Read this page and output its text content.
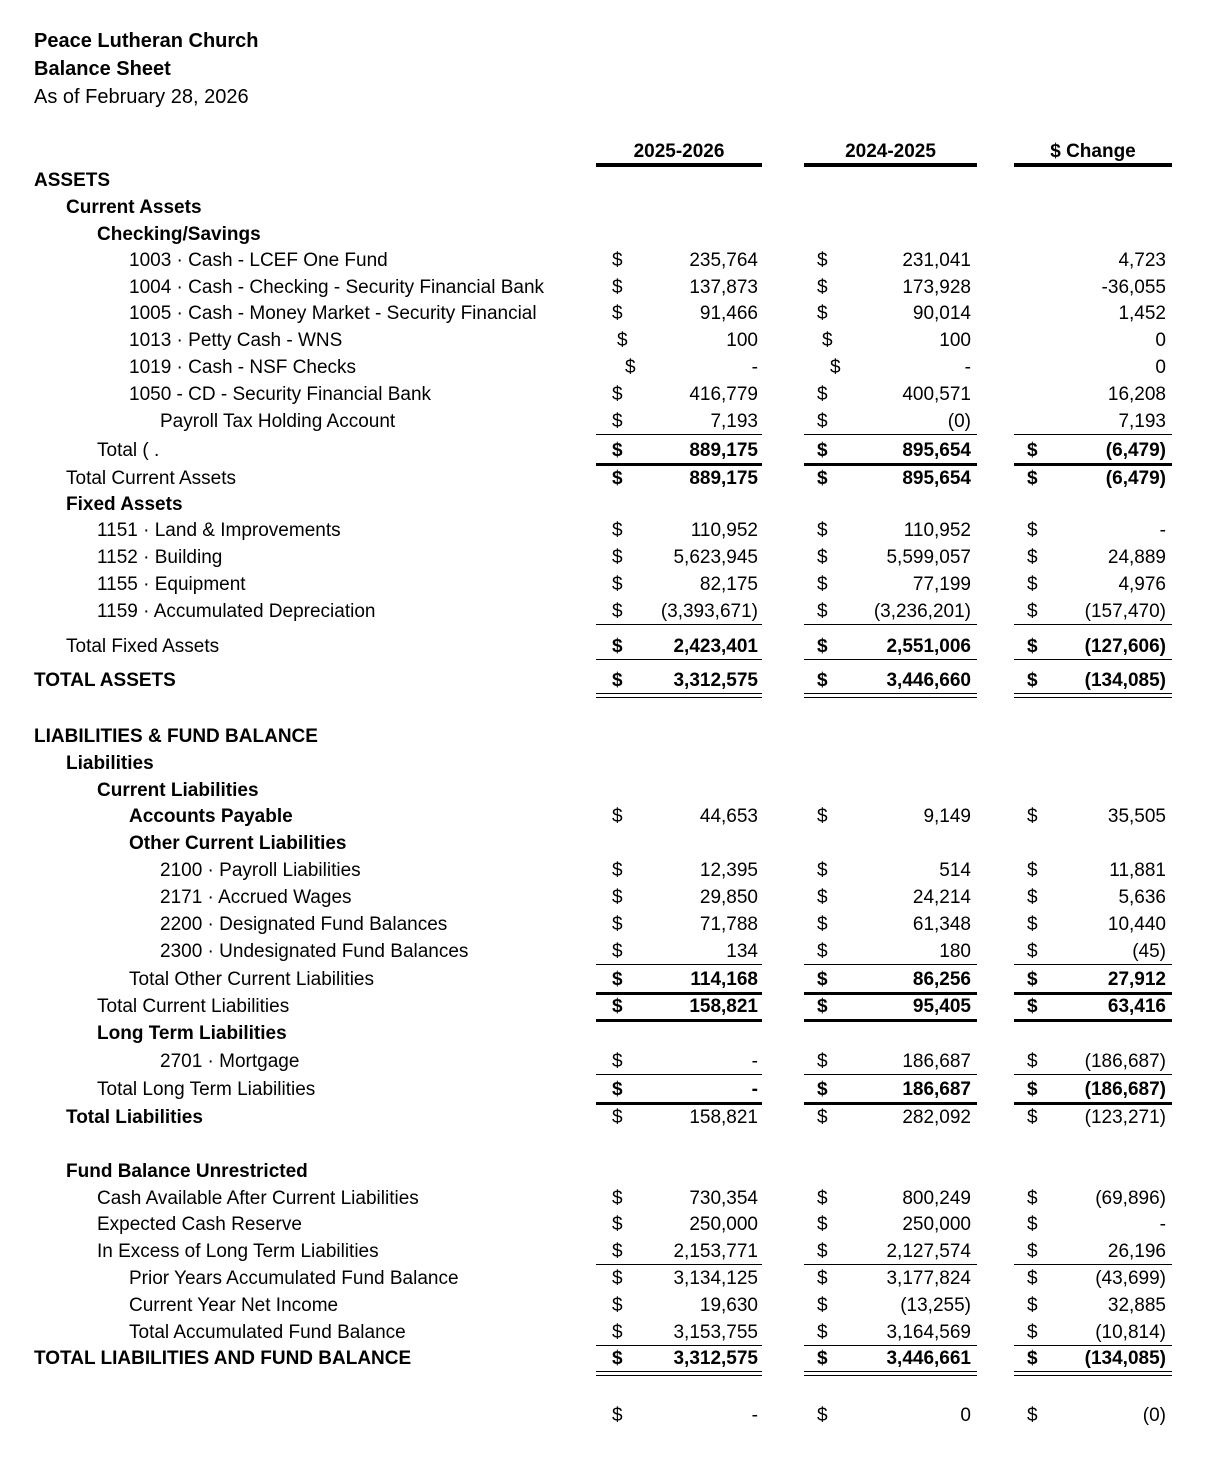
Peace Lutheran Church
Balance Sheet
As of February 28, 2026
2025-2026	2024-2025	$ Change
ASSETS
Current Assets
Checking/Savings
1003 · Cash - LCEF One Fund	$	235,764	$	231,041	4,723
1004 · Cash - Checking - Security Financial Bank	$	137,873	$	173,928	-36,055
1005 · Cash - Money Market - Security Financial	$	91,466	$	90,014	1,452
1013 · Petty Cash - WNS	$	100	$	100	0
1019 · Cash - NSF Checks	$	-	$	-	0
1050 - CD - Security Financial Bank	$	416,779	$	400,571	16,208
Payroll Tax Holding Account	$	7,193	$	(0)	7,193
Total ( .	$	889,175	$	895,654	$	(6,479)
Total Current Assets	$	889,175	$	895,654	$	(6,479)
Fixed Assets
1151 · Land & Improvements	$	110,952	$	110,952	$	-
1152 · Building	$	5,623,945	$	5,599,057	$	24,889
1155 · Equipment	$	82,175	$	77,199	$	4,976
1159 · Accumulated Depreciation	$ (3,393,671)	$ (3,236,201)	$ (157,470)
Total Fixed Assets	$	2,423,401	$	2,551,006	$ (127,606)
TOTAL ASSETS	$	3,312,575	$	3,446,660	$ (134,085)
LIABILITIES & FUND BALANCE
Liabilities
Current Liabilities
Accounts Payable	$	44,653	$	9,149	$	35,505
Other Current Liabilities
2100 · Payroll Liabilities	$	12,395	$	514	$	11,881
2171 · Accrued Wages	$	29,850	$	24,214	$	5,636
2200 · Designated Fund Balances	$	71,788	$	61,348	$	10,440
2300 · Undesignated Fund Balances	$	134	$	180	$	(45)
Total Other Current Liabilities	$	114,168	$	86,256	$	27,912
Total Current Liabilities	$	158,821	$	95,405	$	63,416
Long Term Liabilities
2701 · Mortgage	$	-	$	186,687	$ (186,687)
Total Long Term Liabilities	$	-	$	186,687	$ (186,687)
Total Liabilities	$	158,821	$	282,092	$ (123,271)
Fund Balance Unrestricted
Cash Available After Current Liabilities	$	730,354	$	800,249	$	(69,896)
Expected Cash Reserve	$	250,000	$	250,000	$	-
In Excess of Long Term Liabilities	$	2,153,771	$	2,127,574	$	26,196
Prior Years Accumulated Fund Balance	$	3,134,125	$	3,177,824	$	(43,699)
Current Year Net Income	$	19,630	$	(13,255)	$	32,885
Total Accumulated Fund Balance	$	3,153,755	$	3,164,569	$	(10,814)
TOTAL LIABILITIES AND FUND BALANCE	$	3,312,575	$	3,446,661	$ (134,085)
$	-	$	0	$	(0)
